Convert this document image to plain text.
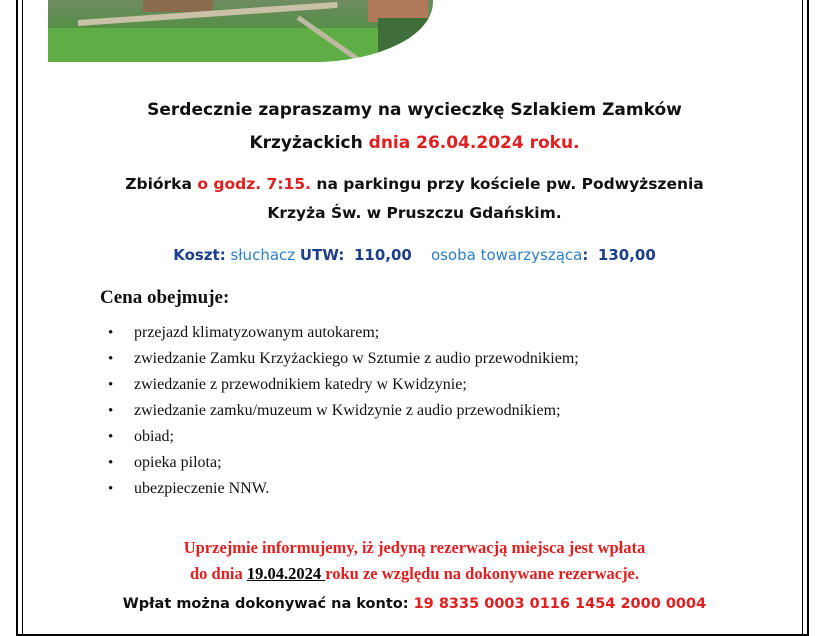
Serdecznie zapraszamy na wycieczkę Szlakiem Zamków
Krzyżackich dnia 26.04.2024 roku.
Zbiórka o godz. 7:15. na parkingu przy kościele pw. Podwyższenia
Krzyża Św. w Pruszczu Gdańskim.
Koszt: słuchacz UTW: 110,00 osoba towarzysząca: 130,00
Cena obejmuje:
• przejazd klimatyzowanym autokarem;
• zwiedzanie Zamku Krzyżackiego w Sztumie z audio przewodnikiem;
• zwiedzanie z przewodnikiem katedry w Kwidzynie;
• zwiedzanie zamku/muzeum w Kwidzynie z audio przewodnikiem;
• obiad;
• opieka pilota;
• ubezpieczenie NNW.
Uprzejmie informujemy, iż jedyną rezerwacją miejsca jest wpłata
do dnia 19.04.2024 roku ze względu na dokonywane rezerwacje.
Wpłat można dokonywać na konto: 19 8335 0003 0116 1454 2000 0004
